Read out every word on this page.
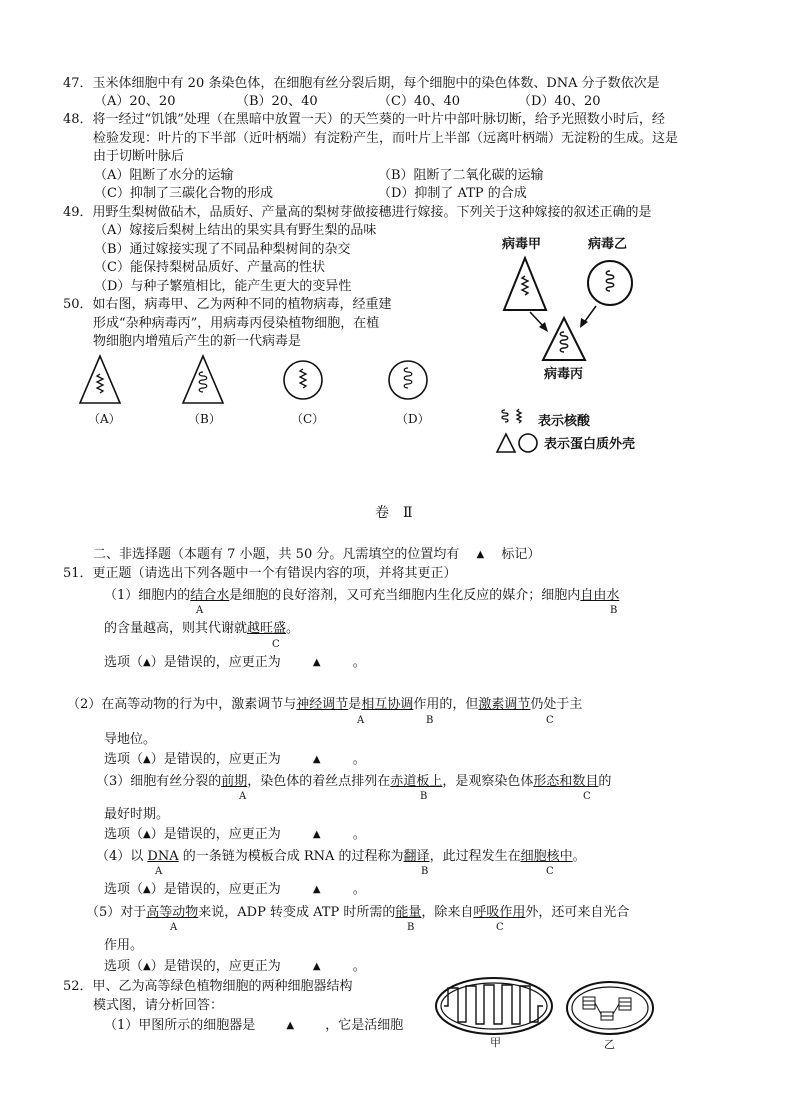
47．玉米体细胞中有 20 条染色体，在细胞有丝分裂后期，每个细胞中的染色体数、DNA 分子数依次是
（A）20、20	（B）20、40	（C）40、40	（D）40、20
48．将一经过“饥饿”处理（在黑暗中放置一天）的天竺葵的一叶片中部叶脉切断，给予光照数小时后，经
检验发现：叶片的下半部（近叶柄端）有淀粉产生，而叶片上半部（远离叶柄端）无淀粉的生成。这是
由于切断叶脉后
（A）阻断了水分的运输	（B）阻断了二氧化碳的运输
（C）抑制了三碳化合物的形成	（D）抑制了 ATP 的合成
49．用野生梨树做砧木，品质好、产量高的梨树芽做接穗进行嫁接。下列关于这种嫁接的叙述正确的是
（A）嫁接后梨树上结出的果实具有野生梨的品味
（B）通过嫁接实现了不同品种梨树间的杂交
（C）能保持梨树品质好、产量高的性状
（D）与种子繁殖相比，能产生更大的变异性
50．如右图，病毒甲、乙为两种不同的植物病毒，经重建
形成“杂种病毒丙”，用病毒丙侵染植物细胞，在植
物细胞内增殖后产生的新一代病毒是
（A）	（B）	（C）	（D）
病毒甲	病毒乙
病毒丙
表示核酸
表示蛋白质外壳
卷　Ⅱ
二、非选择题（本题有 7 小题，共 50 分。凡需填空的位置均有 ▲ 标记）
51．更正题（请选出下列各题中一个有错误内容的项，并将其更正）
（1）细胞内的结合水是细胞的良好溶剂，又可充当细胞内生化反应的媒介；细胞内自由水
A	B
的含量越高，则其代谢就越旺盛。
C
选项（▲）是错误的，应更正为	▲ 。
（2）在高等动物的行为中，激素调节与神经调节是相互协调作用的，但激素调节仍处于主
A	B	C
导地位。
选项（▲）是错误的，应更正为	▲ 。
（3）细胞有丝分裂的前期，染色体的着丝点排列在赤道板上，是观察染色体形态和数目的
A	B	C
最好时期。
选项（▲）是错误的，应更正为	▲ 。
（4）以 DNA 的一条链为模板合成 RNA 的过程称为翻译，此过程发生在细胞核中。
A	B	C
选项（▲）是错误的，应更正为	▲ 。
（5）对于高等动物来说，ADP 转变成 ATP 时所需的能量，除来自呼吸作用外，还可来自光合
A	B	C
作用。
选项（▲）是错误的，应更正为	▲ 。
52．甲、乙为高等绿色植物细胞的两种细胞器结构
模式图，请分析回答：
（1）甲图所示的细胞器是	▲ ，它是活细胞
甲	乙
